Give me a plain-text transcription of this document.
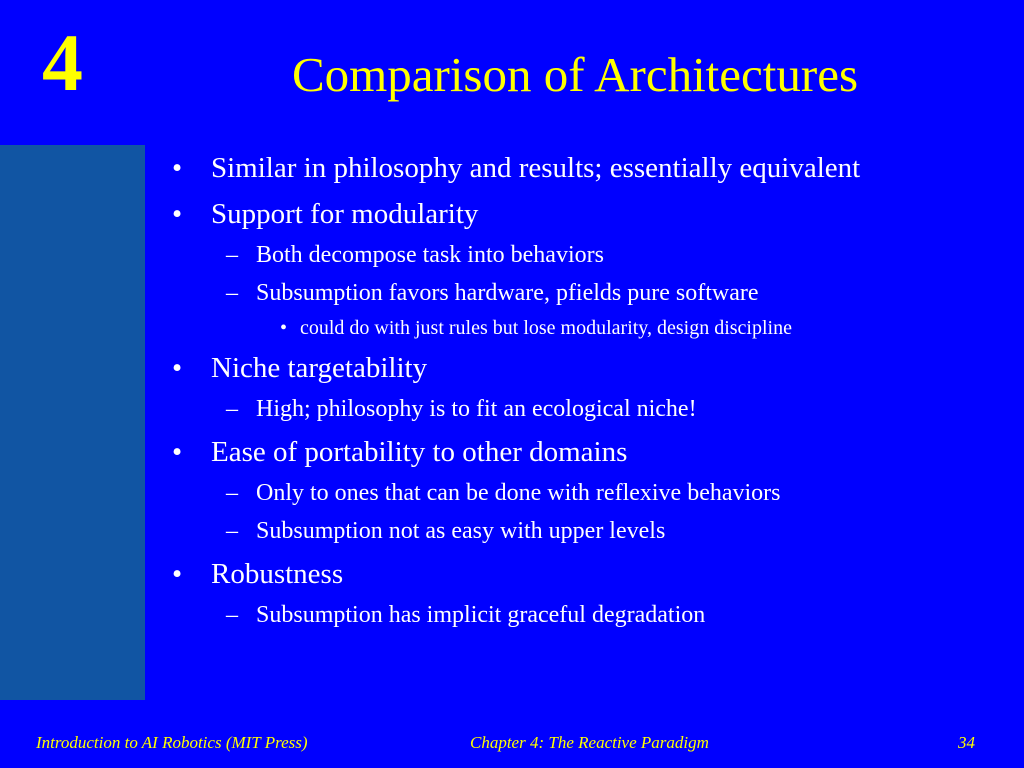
4	Comparison of Architectures
• Similar in philosophy and results; essentially equivalent
• Support for modularity
– Both decompose task into behaviors
– Subsumption favors hardware, pfields pure software
• could do with just rules but lose modularity, design discipline
• Niche targetability
– High; philosophy is to fit an ecological niche!
• Ease of portability to other domains
– Only to ones that can be done with reflexive behaviors
– Subsumption not as easy with upper levels
• Robustness
– Subsumption has implicit graceful degradation
Introduction to AI Robotics (MIT Press)	Chapter 4: The Reactive Paradigm	34
